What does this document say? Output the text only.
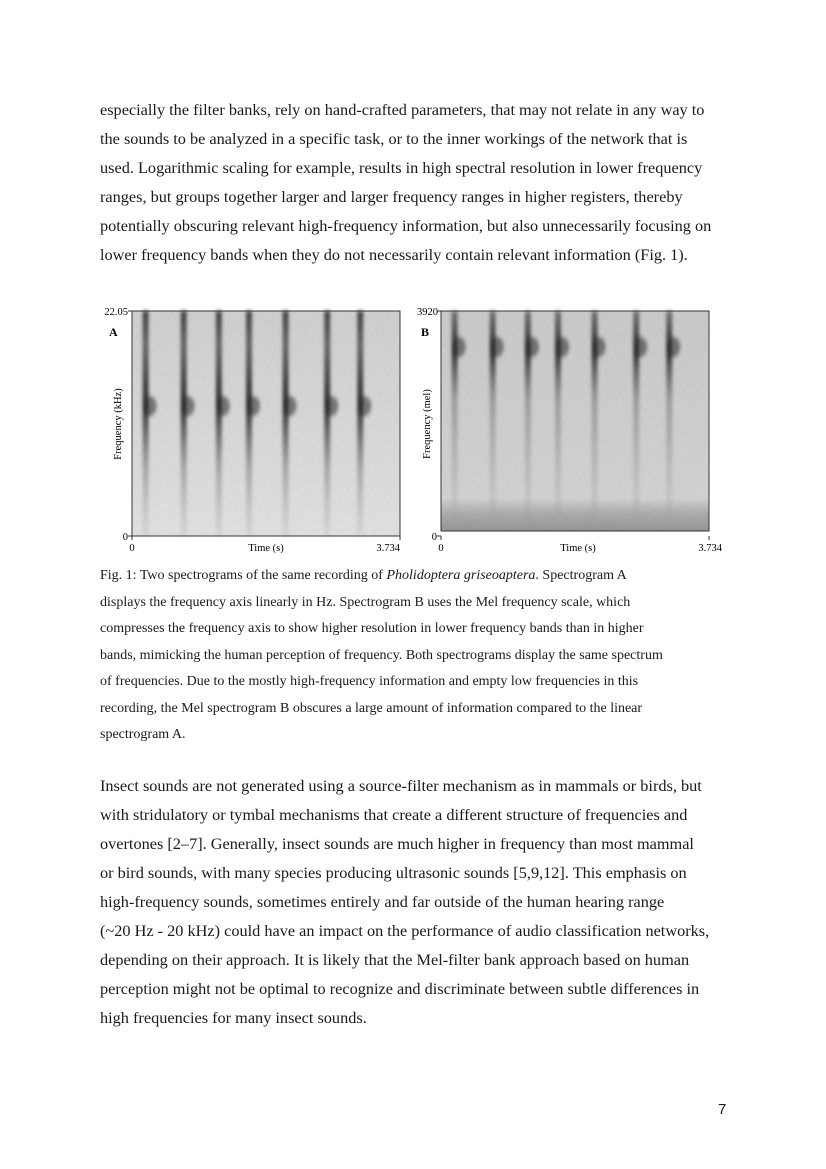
especially the filter banks, rely on hand-crafted parameters, that may not relate in any way to
the sounds to be analyzed in a specific task, or to the inner workings of the network that is
used. Logarithmic scaling for example, results in high spectral resolution in lower frequency
ranges, but groups together larger and larger frequency ranges in higher registers, thereby
potentially obscuring relevant high-frequency information, but also unnecessarily focusing on
lower frequency bands when they do not necessarily contain relevant information (Fig. 1).
22.05
0
0	3.734
Time (s)
A
Frequency (kHz)
3920
0
0	3.734
Time (s)
B
Frequency (mel)
Fig. 1: Two spectrograms of the same recording of Pholidoptera griseoaptera. Spectrogram A
displays the frequency axis linearly in Hz. Spectrogram B uses the Mel frequency scale, which
compresses the frequency axis to show higher resolution in lower frequency bands than in higher
bands, mimicking the human perception of frequency. Both spectrograms display the same spectrum
of frequencies. Due to the mostly high-frequency information and empty low frequencies in this
recording, the Mel spectrogram B obscures a large amount of information compared to the linear
spectrogram A.
Insect sounds are not generated using a source-filter mechanism as in mammals or birds, but
with stridulatory or tymbal mechanisms that create a different structure of frequencies and
overtones [2–7]. Generally, insect sounds are much higher in frequency than most mammal
or bird sounds, with many species producing ultrasonic sounds [5,9,12]. This emphasis on
high-frequency sounds, sometimes entirely and far outside of the human hearing range
(~20 Hz - 20 kHz) could have an impact on the performance of audio classification networks,
depending on their approach. It is likely that the Mel-filter bank approach based on human
perception might not be optimal to recognize and discriminate between subtle differences in
high frequencies for many insect sounds.
7
